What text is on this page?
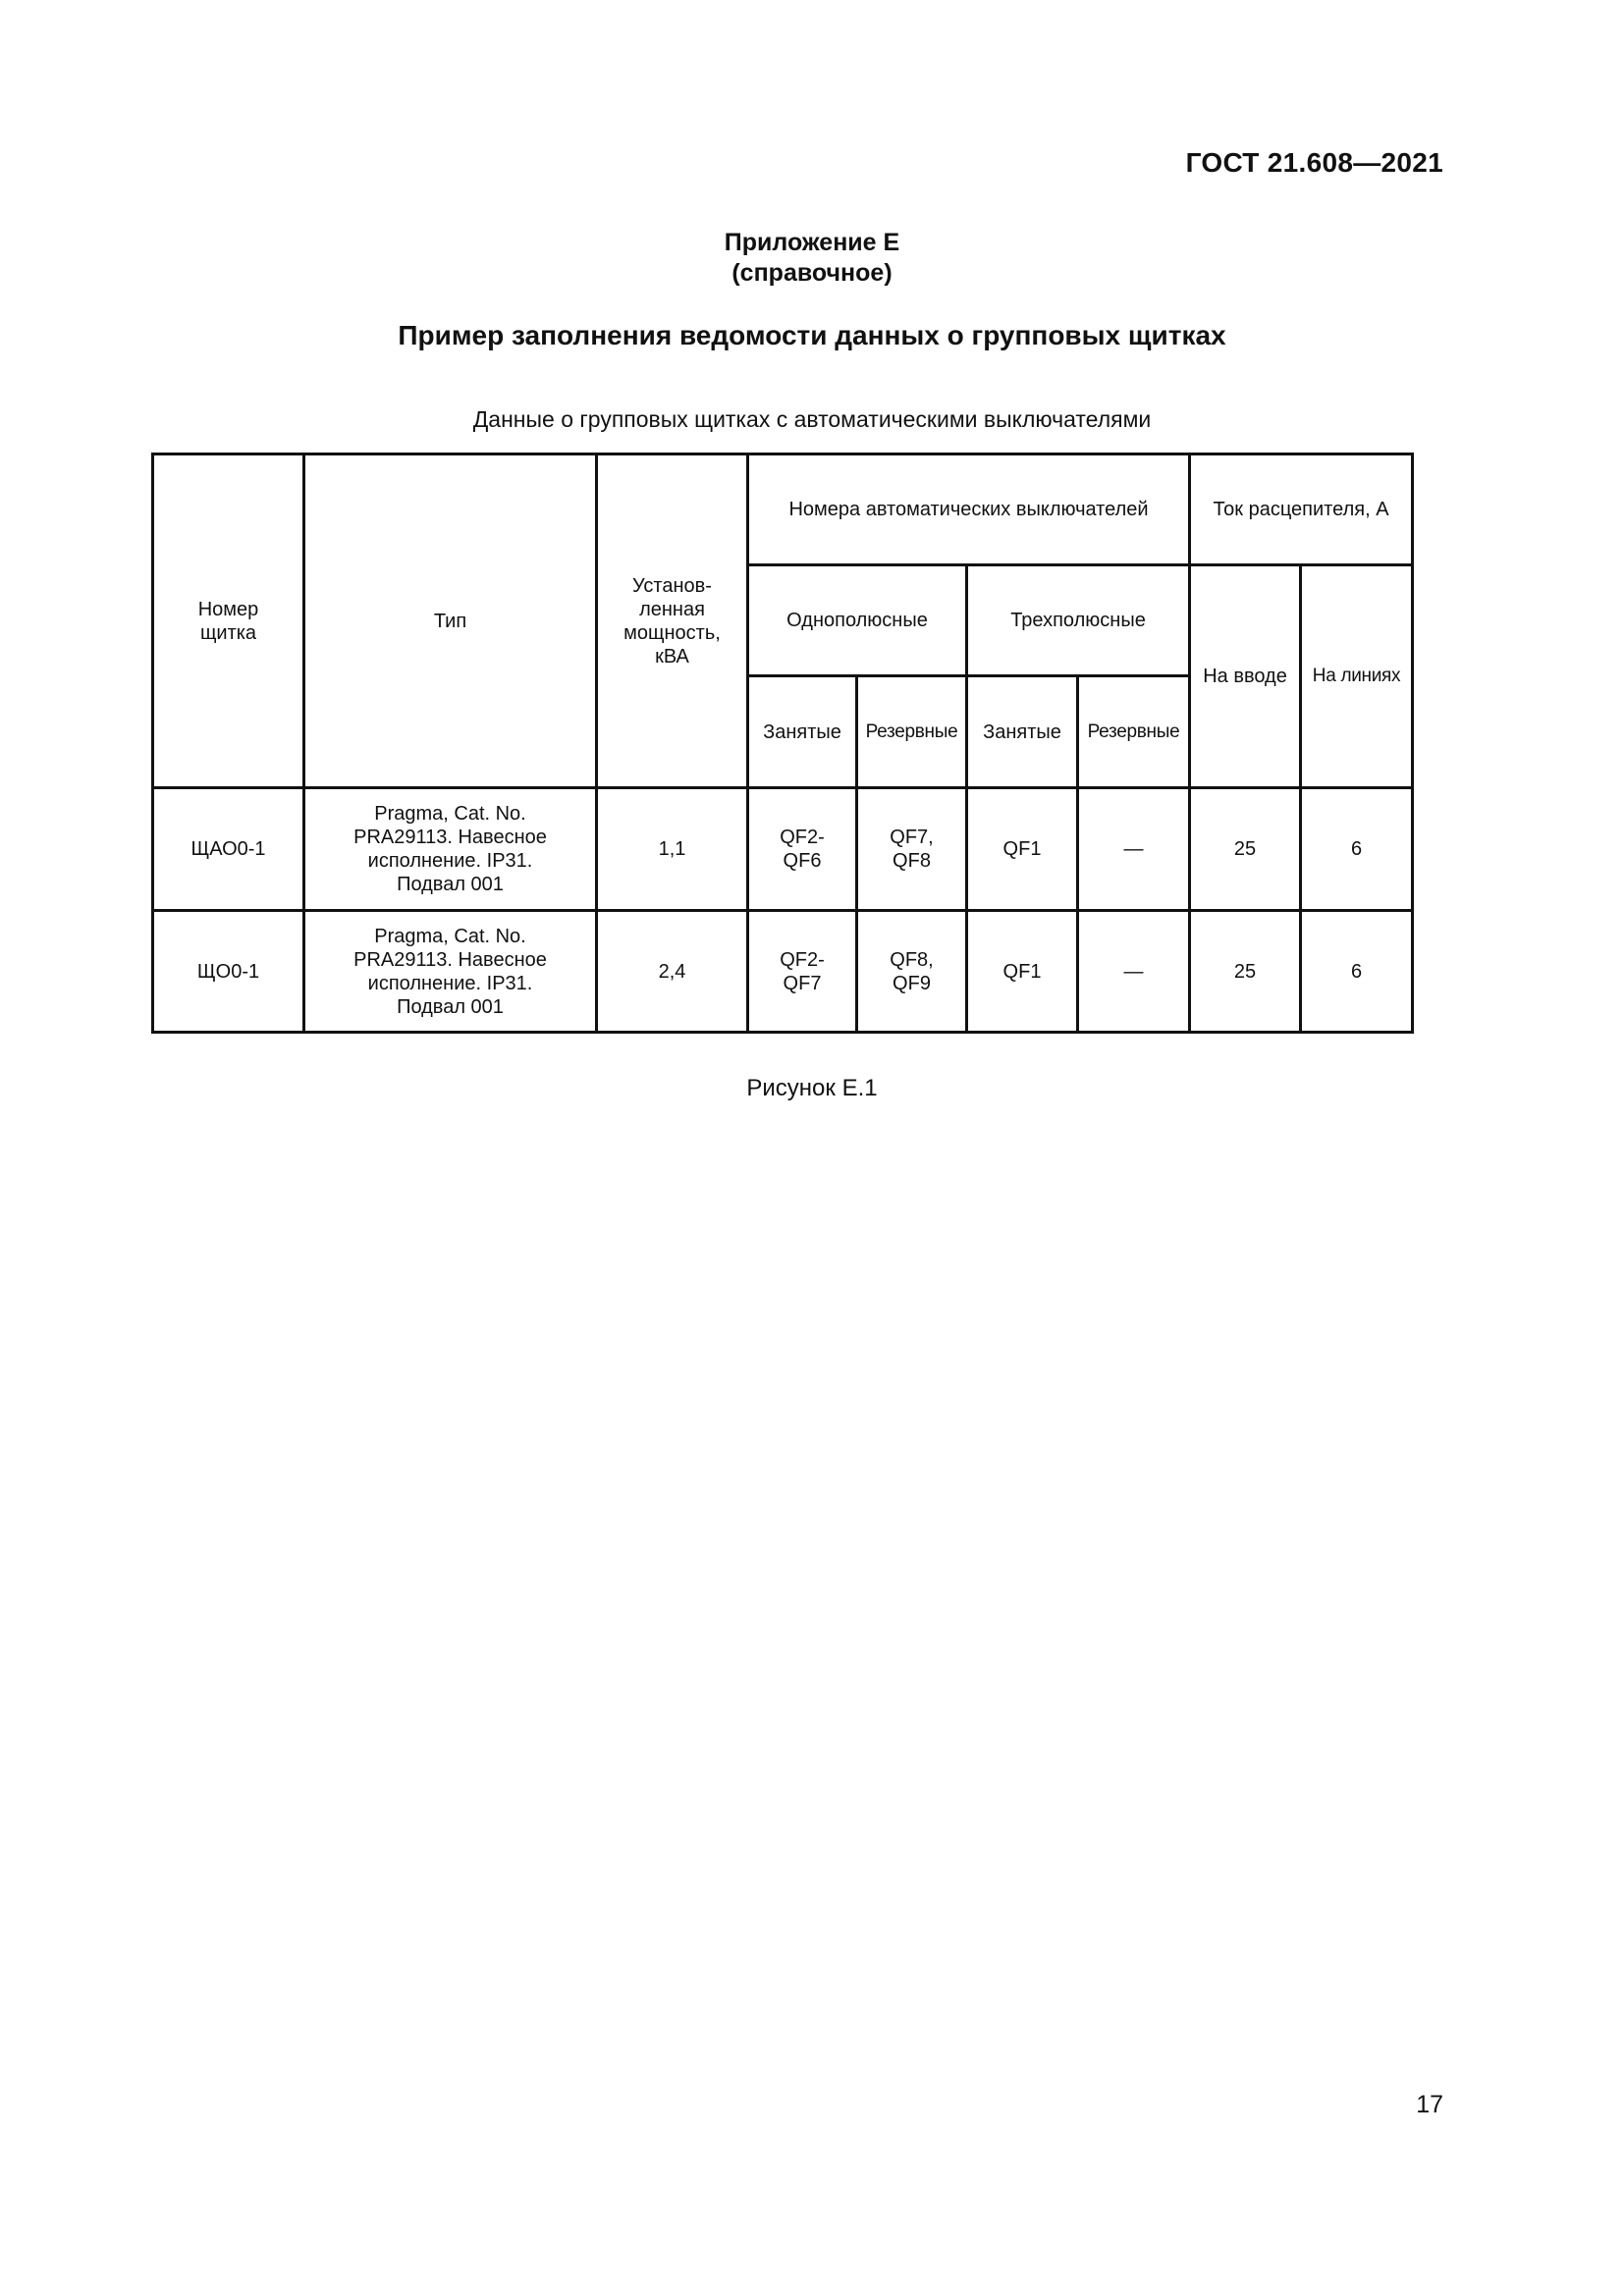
ГОСТ 21.608—2021
Приложение Е
(справочное)
Пример заполнения ведомости данных о групповых щитках
Данные о групповых щитках с автоматическими выключателями
Номер щитка	Тип	Установ-ленная мощность, кВА	Номера автоматических выключателей				Ток расцепителя, А	
			Однополюсные		Трехполюсные		На вводе	На линиях
			Занятые	Резервные	Занятые	Резервные		
ЩАО0-1	Pragma, Cat. No. PRA29113. Навесное исполнение. IP31. Подвал 001	1,1	QF2-QF6	QF7, QF8	QF1	—	25	6
ЩО0-1	Pragma, Cat. No. PRA29113. Навесное исполнение. IP31. Подвал 001	2,4	QF2-QF7	QF8, QF9	QF1	—	25	6
Рисунок Е.1
17
